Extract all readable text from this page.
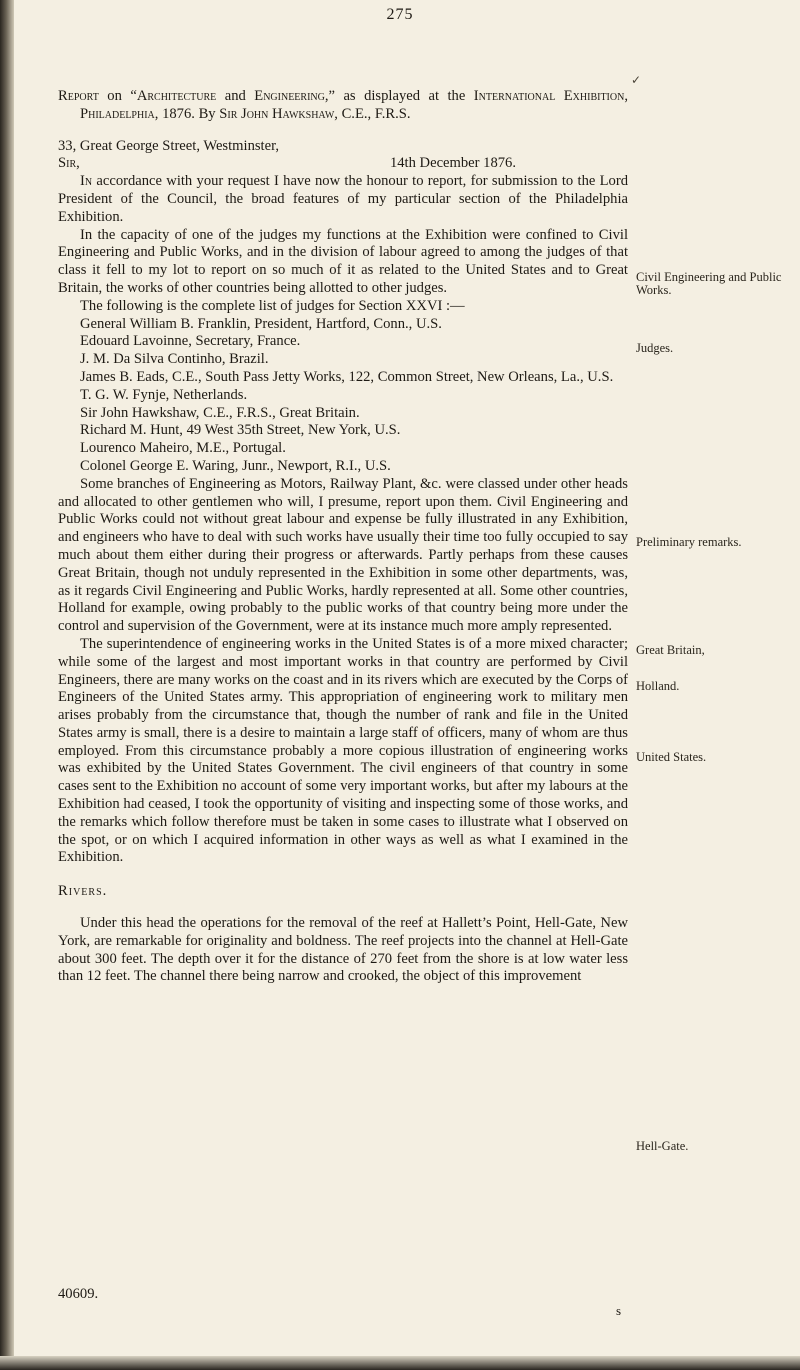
275
✓

Report on “Architecture and Engineering,” as displayed at the International Exhibition, Philadelphia, 1876. By Sir John Hawkshaw, C.E., F.R.S.

33, Great George Street, Westminster,

Sir,	14th December 1876.

In accordance with your request I have now the honour to report, for submission to the Lord President of the Council, the broad features of my particular section of the Philadelphia Exhibition.

In the capacity of one of the judges my functions at the Exhibition were confined to Civil Engineering and Public Works, and in the division of labour agreed to among the judges of that class it fell to my lot to report on so much of it as related to the United States and to Great Britain, the works of other countries being allotted to other judges.

The following is the complete list of judges for Section XXVI :—

General William B. Franklin, President, Hartford, Conn., U.S.

Edouard Lavoinne, Secretary, France.

J. M. Da Silva Continho, Brazil.

James B. Eads, C.E., South Pass Jetty Works, 122, Common Street, New Orleans, La., U.S.

T. G. W. Fynje, Netherlands.

Sir John Hawkshaw, C.E., F.R.S., Great Britain.

Richard M. Hunt, 49 West 35th Street, New York, U.S.

Lourenco Maheiro, M.E., Portugal.

Colonel George E. Waring, Junr., Newport, R.I., U.S.

Some branches of Engineering as Motors, Railway Plant, &c. were classed under other heads and allocated to other gentlemen who will, I presume, report upon them. Civil Engineering and Public Works could not without great labour and expense be fully illustrated in any Exhibition, and engineers who have to deal with such works have usually their time too fully occupied to say much about them either during their progress or afterwards. Partly perhaps from these causes Great Britain, though not unduly represented in the Exhibition in some other departments, was, as it regards Civil Engineering and Public Works, hardly represented at all. Some other countries, Holland for example, owing probably to the public works of that country being more under the control and supervision of the Government, were at its instance much more amply represented.

The superintendence of engineering works in the United States is of a more mixed character; while some of the largest and most important works in that country are performed by Civil Engineers, there are many works on the coast and in its rivers which are executed by the Corps of Engineers of the United States army. This appropriation of engineering work to military men arises probably from the circumstance that, though the number of rank and file in the United States army is small, there is a desire to maintain a large staff of officers, many of whom are thus employed. From this circumstance probably a more copious illustration of engineering works was exhibited by the United States Government. The civil engineers of that country in some cases sent to the Exhibition no account of some very important works, but after my labours at the Exhibition had ceased, I took the opportunity of visiting and inspecting some of those works, and the remarks which follow therefore must be taken in some cases to illustrate what I observed on the spot, or on which I acquired information in other ways as well as what I examined in the Exhibition.

Rivers.

Under this head the operations for the removal of the reef at Hallett’s Point, Hell-Gate, New York, are remarkable for originality and boldness. The reef projects into the channel at Hell-Gate about 300 feet. The depth over it for the distance of 270 feet from the shore is at low water less than 12 feet. The channel there being narrow and crooked, the object of this improvement

40609.
s
Civil Engineering and Public Works.
Judges.
Preliminary remarks.
Great Britain,
Holland.
United States.
Hell-Gate.
